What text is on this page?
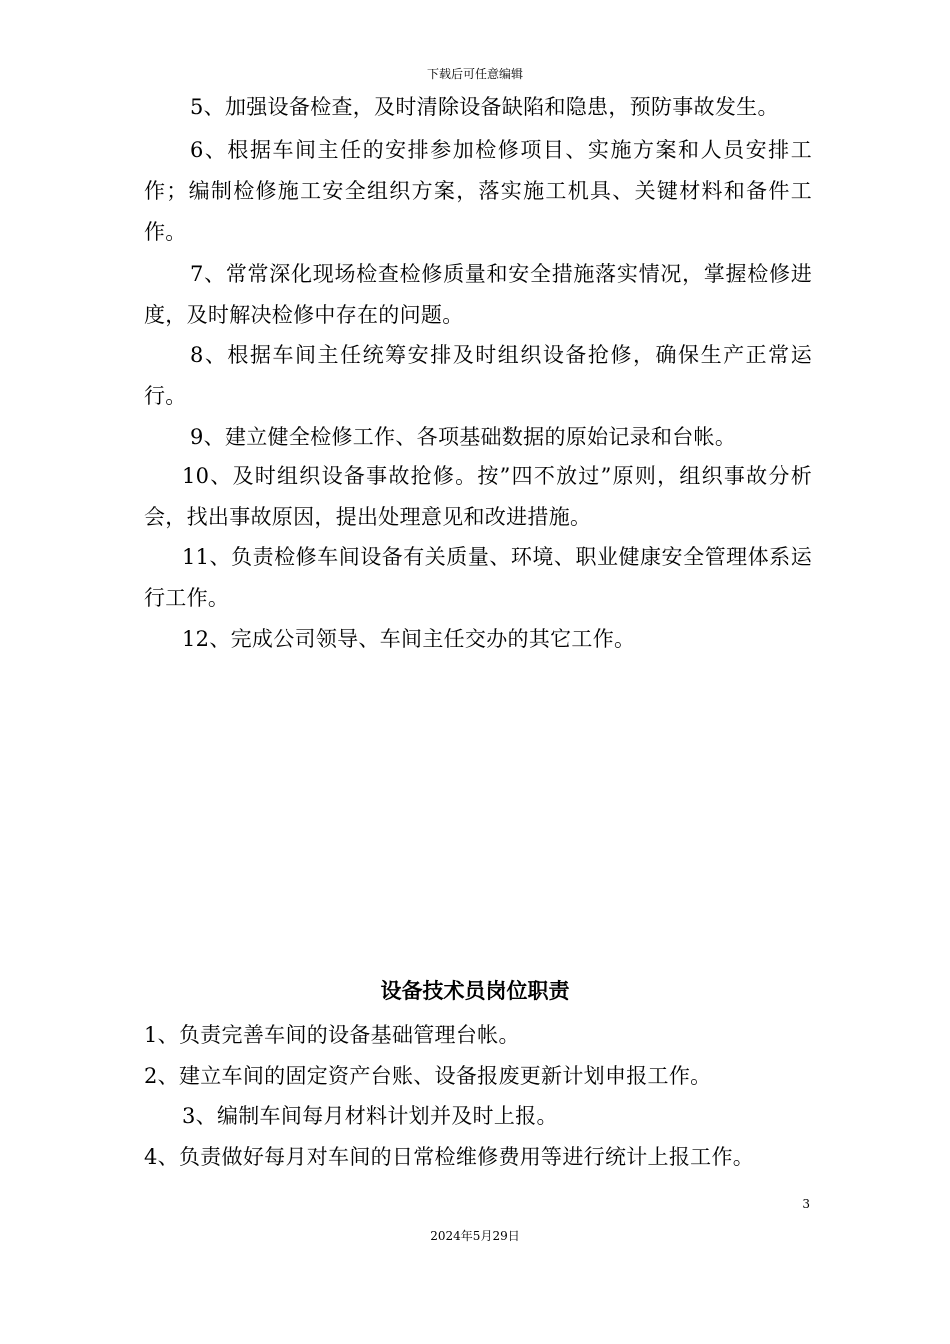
下载后可任意编辑

5、加强设备检查，及时清除设备缺陷和隐患，预防事故发生。

6、根据车间主任的安排参加检修项目、实施方案和人员安排工作；编制检修施工安全组织方案，落实施工机具、关键材料和备件工作。

7、常常深化现场检查检修质量和安全措施落实情况，掌握检修进度，及时解决检修中存在的问题。

8、根据车间主任统筹安排及时组织设备抢修，确保生产正常运行。

9、建立健全检修工作、各项基础数据的原始记录和台帐。

10、及时组织设备事故抢修。按”四不放过”原则，组织事故分析会，找出事故原因，提出处理意见和改进措施。

11、负责检修车间设备有关质量、环境、职业健康安全管理体系运行工作。

12、完成公司领导、车间主任交办的其它工作。

设备技术员岗位职责

1、负责完善车间的设备基础管理台帐。

2、建立车间的固定资产台账、设备报废更新计划申报工作。

3、编制车间每月材料计划并及时上报。

4、负责做好每月对车间的日常检维修费用等进行统计上报工作。

3
2024年5月29日
